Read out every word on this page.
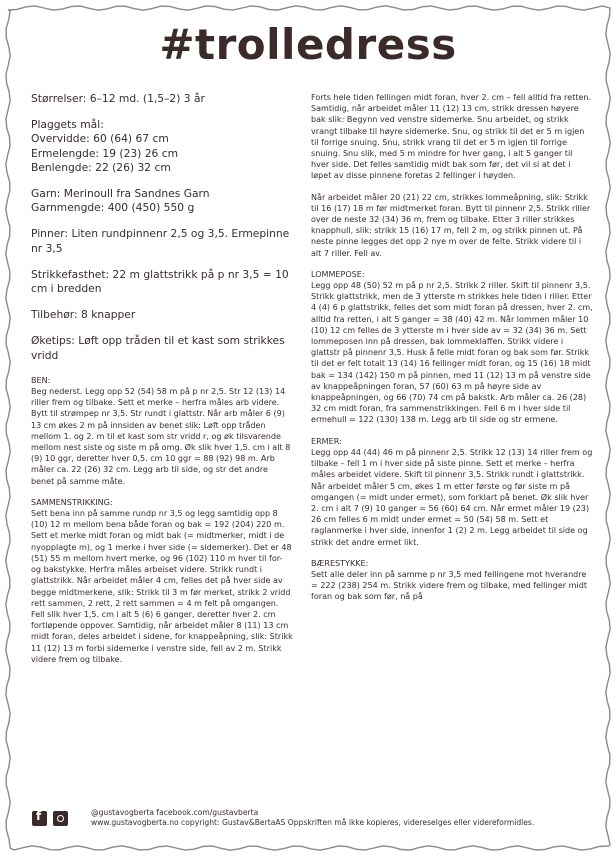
#trolledress

Størrelser: 6–12 md. (1,5–2) 3 år

Plaggets mål:
Overvidde: 60 (64) 67 cm
Ermelengde: 19 (23) 26 cm
Benlengde: 22 (26) 32 cm
Garn: Merinoull fra Sandnes Garn
Garnmengde: 400 (450) 550 g

Pinner: Liten rundpinnenr 2,5 og 3,5. Ermepinne nr 3,5

Strikkefasthet: 22 m glattstrikk på p nr 3,5 = 10 cm i bredden

Tilbehør: 8 knapper

Øketips: Løft opp tråden til et kast som strikkes vridd

BEN:
Beg nederst. Legg opp 52 (54) 58 m på p nr 2,5. Str 12 (13) 14 riller frem og tilbake. Sett et merke – herfra måles arb videre. Bytt til strømpep nr 3,5. Str rundt i glattstr. Når arb måler 6 (9) 13 cm økes 2 m på innsiden av benet slik: Løft opp tråden mellom 1. og 2. m til et kast som str vridd r, og øk tilsvarende mellom nest siste og siste m på omg. Øk slik hver 1,5. cm i alt 8 (9) 10 ggr, deretter hver 0,5. cm 10 ggr = 88 (92) 98 m. Arb måler ca. 22 (26) 32 cm. Legg arb til side, og str det andre benet på samme måte.
SAMMENSTRIKKING:
Sett bena inn på samme rundp nr 3,5 og legg samtidig opp 8 (10) 12 m mellom bena både foran og bak = 192 (204) 220 m. Sett et merke midt foran og midt bak (= midtmerker, midt i de nyopplagte m), og 1 merke i hver side (= sidemerker). Det er 48 (51) 55 m mellom hvert merke, og 96 (102) 110 m hver til for- og bakstykke. Herfra måles arbeiset videre. Strikk rundt i glattstrikk. Når arbeidet måler 4 cm, felles det på hver side av begge midtmerkene, slik: Strikk til 3 m før merket, strikk 2 vridd rett sammen, 2 rett, 2 rett sammen = 4 m felt på omgangen. Fell slik hver 1,5. cm i alt 5 (6) 6 ganger, deretter hver 2. cm fortløpende oppover. Samtidig, når arbeidet måler 8 (11) 13 cm midt foran, deles arbeidet i sidene, for knappeåpning, slik: Strikk 11 (12) 13 m forbi sidemerke i venstre side, fell av 2 m. Strikk videre frem og tilbake.

Forts hele tiden fellingen midt foran, hver 2. cm – fell alltid fra retten. Samtidig, når arbeidet måler 11 (12) 13 cm, strikk dressen høyere bak slik: Begynn ved venstre sidemerke. Snu arbeidet, og strikk vrangt tilbake til høyre sidemerke. Snu, og strikk til det er 5 m igjen til forrige snuing. Snu, strikk vrang til det er 5 m igjen til forrige snuing. Snu slik, med 5 m mindre for hver gang, i alt 5 ganger til hver side. Det felles samtidig midt bak som før, det vil si at det i løpet av disse pinnene foretas 2 fellinger i høyden.

Når arbeidet måler 20 (21) 22 cm, strikkes lommeåpning, slik: Strikk til 16 (17) 18 m før midtmerket foran. Bytt til pinnenr 2,5. Strikk riller over de neste 32 (34) 36 m, frem og tilbake. Etter 3 riller strikkes knapphull, slik: strikk 15 (16) 17 m, fell 2 m, og strikk pinnen ut. På neste pinne legges det opp 2 nye m over de felte. Strikk videre til i alt 7 riller. Fell av.

LOMMEPOSE:
Legg opp 48 (50) 52 m på p nr 2,5. Strikk 2 riller. Skift til pinnenr 3,5. Strikk glattstrikk, men de 3 ytterste m strikkes hele tiden i riller. Etter 4 (4) 6 p glattstrikk, felles det som midt foran på dressen, hver 2. cm, alltid fra retten, i alt 5 ganger = 38 (40) 42 m. Når lommen måler 10 (10) 12 cm felles de 3 ytterste m i hver side av = 32 (34) 36 m. Sett lommeposen inn på dressen, bak lommeklaffen. Strikk videre i glattstr på pinnenr 3,5. Husk å felle midt foran og bak som før. Strikk til det er felt totalt 13 (14) 16 fellinger midt foran, og 15 (16) 18 midt bak = 134 (142) 150 m på pinnen, med 11 (12) 13 m på venstre side av knappeåpningen foran, 57 (60) 63 m på høyre side av knappeåpningen, og 66 (70) 74 cm på bakstk. Arb måler ca. 26 (28) 32 cm midt foran, fra sammenstrikkingen. Fell 6 m i hver side til ermehull = 122 (130) 138 m. Legg arb til side og str ermene.

ERMER:
Legg opp 44 (44) 46 m på pinnenr 2,5. Strikk 12 (13) 14 riller frem og tilbake – fell 1 m i hver side på siste pinne. Sett et merke – herfra måles arbeidet videre. Skift til pinnenr 3,5. Strikk rundt i glattstrikk. Når arbeidet måler 5 cm, økes 1 m etter første og før siste m på omgangen (= midt under ermet), som forklart på benet. Øk slik hver 2. cm i alt 7 (9) 10 ganger = 56 (60) 64 cm. Når ermet måler 19 (23) 26 cm felles 6 m midt under ermet = 50 (54) 58 m. Sett et raglanmerke i hver side, innenfor 1 (2) 2 m. Legg arbeidet til side og strikk det andre ermet likt.

BÆRESTYKKE:
Sett alle deler inn på samme p nr 3,5 med fellingene mot hverandre = 222 (238) 254 m. Strikk videre frem og tilbake, med fellinger midt foran og bak som før, nå på

f
@gustavogberta facebook.com/gustavberta
www.gustavogberta.no copyright: Gustav&BertaAS Oppskriften må ikke kopieres, videreselges eller videreformidles.
